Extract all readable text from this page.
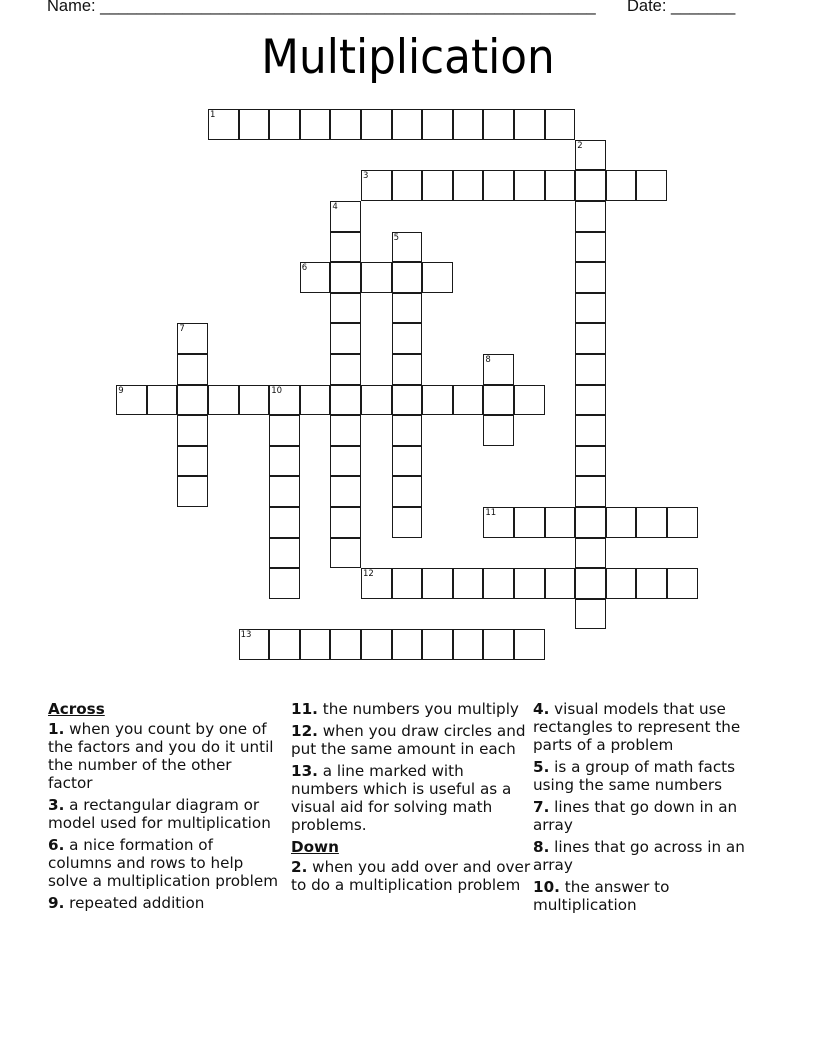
Name: ______________________________________________________ Date: _______
Multiplication
1
2
3
4
5
6
7
8
9	10
11
12
13
Across
1. when you count by one of the factors and you do it until the number of the other factor
3. a rectangular diagram or model used for multiplication
6. a nice formation of columns and rows to help solve a multiplication problem
9. repeated addition
11. the numbers you multiply
12. when you draw circles and put the same amount in each
13. a line marked with numbers which is useful as a visual aid for solving math problems.
Down
2. when you add over and over to do a multiplication problem
4. visual models that use rectangles to represent the parts of a problem
5. is a group of math facts using the same numbers
7. lines that go down in an array
8. lines that go across in an array
10. the answer to multiplication
